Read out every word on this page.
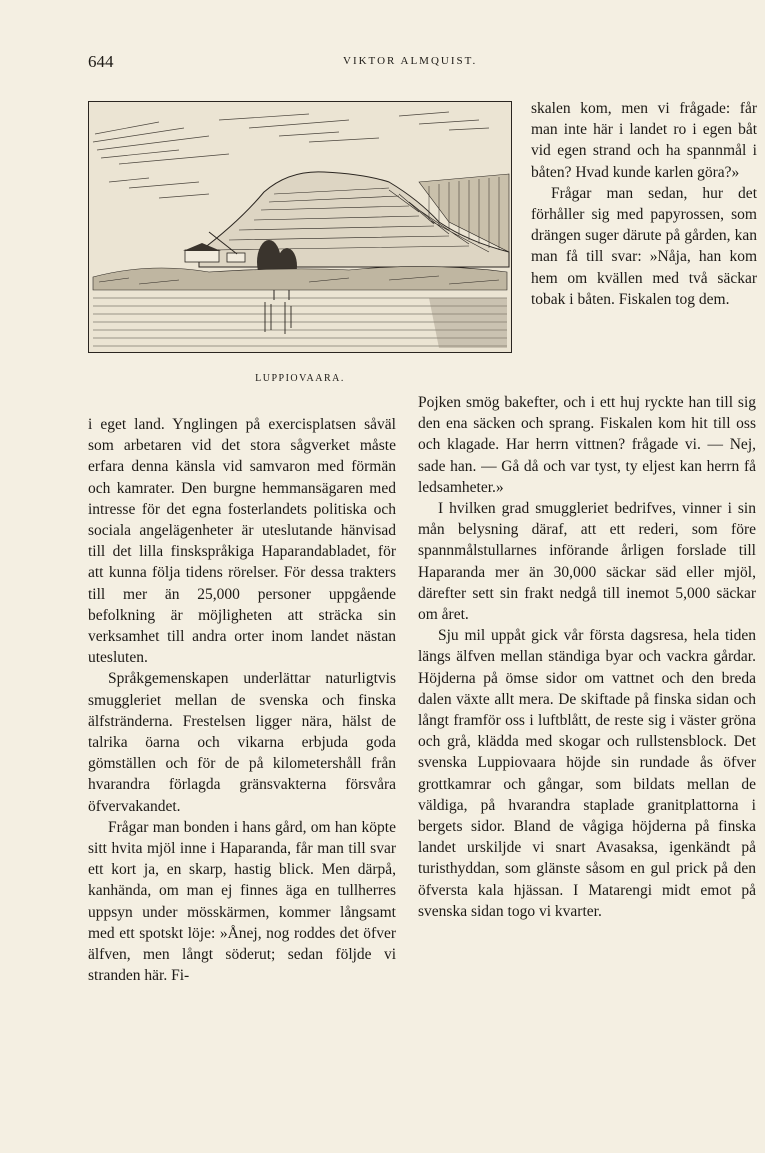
644	VIKTOR ALMQUIST.
LUPPIOVAARA.

skalen kom, men vi frågade: får man inte här i landet ro i egen båt vid egen strand och ha spannmål i båten? Hvad kunde karlen göra?»

Frågar man sedan, hur det förhåller sig med papyrossen, som drängen suger därute på gården, kan man få till svar: »Nåja, han kom hem om kvällen med två säckar tobak i båten. Fiskalen tog dem.

i eget land. Ynglingen på exercisplatsen såväl som arbetaren vid det stora sågverket måste erfara denna känsla vid samvaron med förmän och kamrater. Den burgne hemmansägaren med intresse för det egna fosterlandets politiska och sociala angelägenheter är uteslutande hänvisad till det lilla finskspråkiga Haparandabladet, för att kunna följa tidens rörelser. För dessa trakters till mer än 25,000 personer uppgående befolkning är möjligheten att sträcka sin verksamhet till andra orter inom landet nästan utesluten.

Språkgemenskapen underlättar naturligtvis smuggleriet mellan de svenska och finska älfstränderna. Frestelsen ligger nära, hälst de talrika öarna och vikarna erbjuda goda gömställen och för de på kilometershåll från hvarandra förlagda gränsvakterna försvåra öfvervakandet.

Frågar man bonden i hans gård, om han köpte sitt hvita mjöl inne i Haparanda, får man till svar ett kort ja, en skarp, hastig blick. Men därpå, kanhända, om man ej finnes äga en tullherres uppsyn under mösskärmen, kommer långsamt med ett spotskt löje: »Ånej, nog roddes det öfver älfven, men långt söderut; sedan följde vi stranden här. Fi-

Pojken smög bakefter, och i ett huj ryckte han till sig den ena säcken och sprang. Fiskalen kom hit till oss och klagade. Har herrn vittnen? frågade vi. — Nej, sade han. — Gå då och var tyst, ty eljest kan herrn få ledsamheter.»

I hvilken grad smuggleriet bedrifves, vinner i sin mån belysning däraf, att ett rederi, som före spannmålstullarnes införande årligen forslade till Haparanda mer än 30,000 säckar säd eller mjöl, därefter sett sin frakt nedgå till inemot 5,000 säckar om året.

Sju mil uppåt gick vår första dagsresa, hela tiden längs älfven mellan ständiga byar och vackra gårdar. Höjderna på ömse sidor om vattnet och den breda dalen växte allt mera. De skiftade på finska sidan och långt framför oss i luftblått, de reste sig i väster gröna och grå, klädda med skogar och rullstensblock. Det svenska Luppiovaara höjde sin rundade ås öfver grottkamrar och gångar, som bildats mellan de väldiga, på hvarandra staplade granitplattorna i bergets sidor. Bland de vågiga höjderna på finska landet urskiljde vi snart Avasaksa, igenkändt på turisthyddan, som glänste såsom en gul prick på den öfversta kala hjässan. I Matarengi midt emot på svenska sidan togo vi kvarter.
